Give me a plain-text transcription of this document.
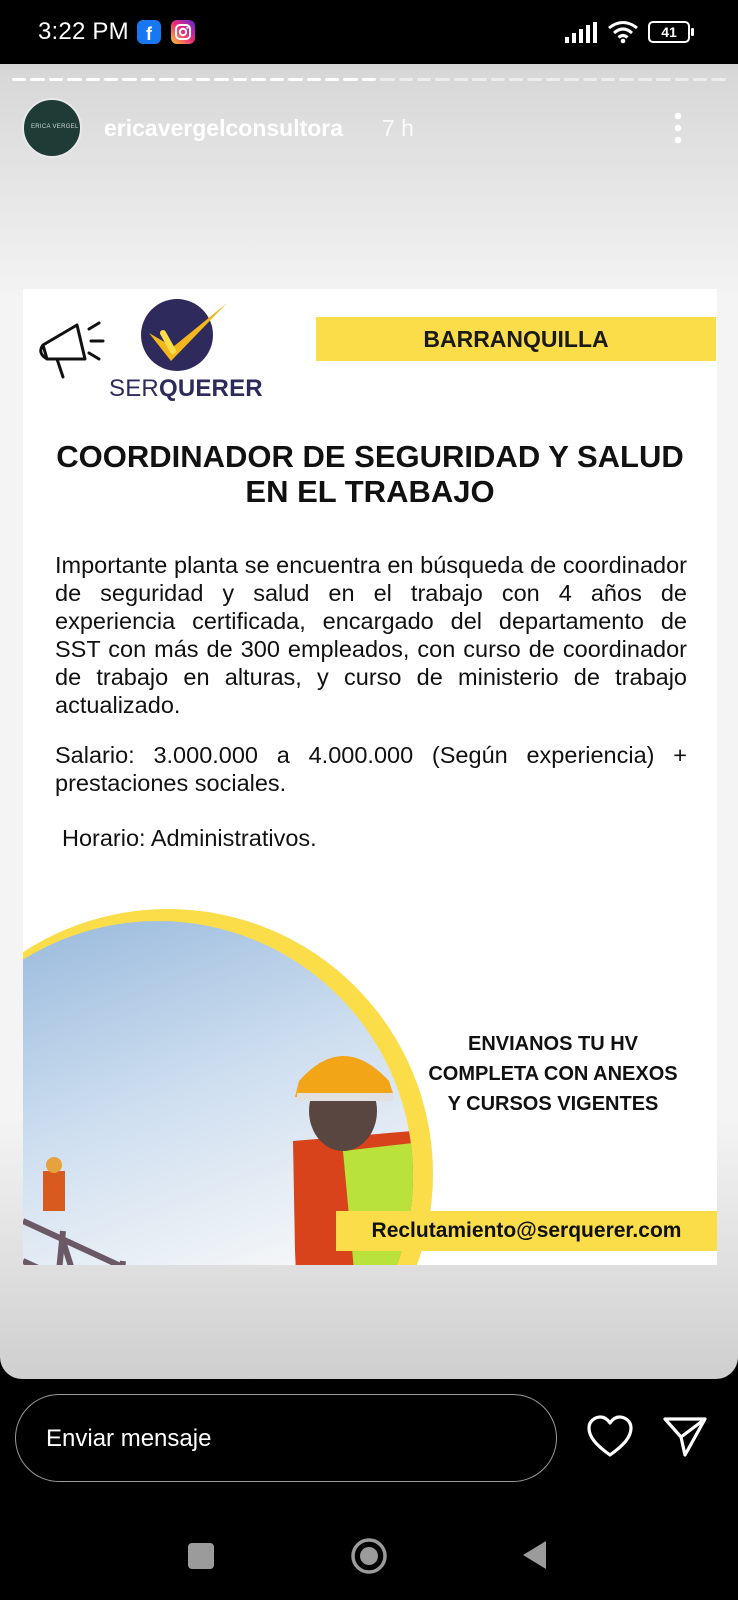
3:22 PM f	41
ERICA VERGEL ericavergelconsultora 7 h
SERQUERER
BARRANQUILLA
COORDINADOR DE SEGURIDAD Y SALUD EN EL TRABAJO
Importante planta se encuentra en búsqueda de coordinador de seguridad y salud en el trabajo con 4 años de experiencia certificada, encargado del departamento de SST con más de 300 empleados, con curso de coordinador de trabajo en alturas, y curso de ministerio de trabajo actualizado.
Salario: 3.000.000 a 4.000.000 (Según experiencia) + prestaciones sociales.
Horario: Administrativos.
ENVIANOS TU HV COMPLETA CON ANEXOS Y CURSOS VIGENTES
Reclutamiento@serquerer.com
Enviar mensaje
